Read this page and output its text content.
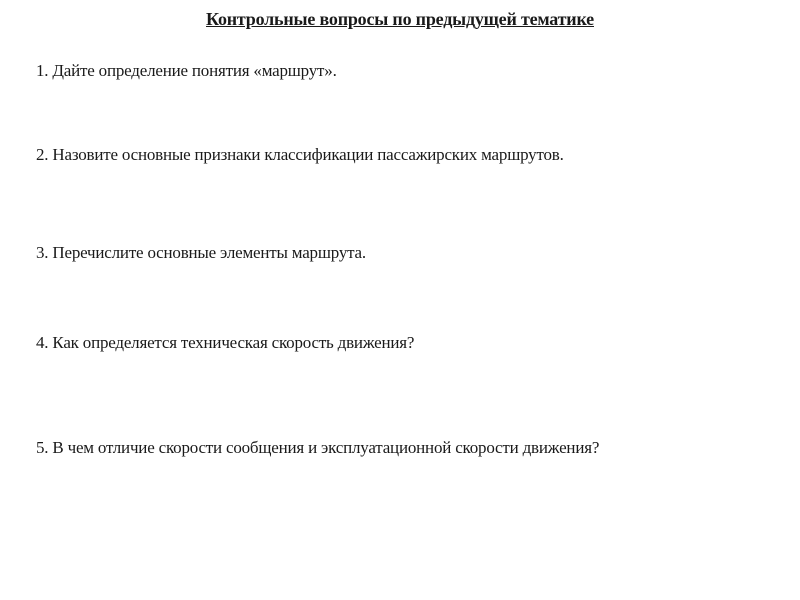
Контрольные вопросы по предыдущей тематике

1. Дайте определение понятия «маршрут».

2. Назовите основные признаки классификации пассажирских маршрутов.

3. Перечислите основные элементы маршрута.

4. Как определяется техническая скорость движения?

5. В чем отличие скорости сообщения и эксплуатационной скорости движения?
